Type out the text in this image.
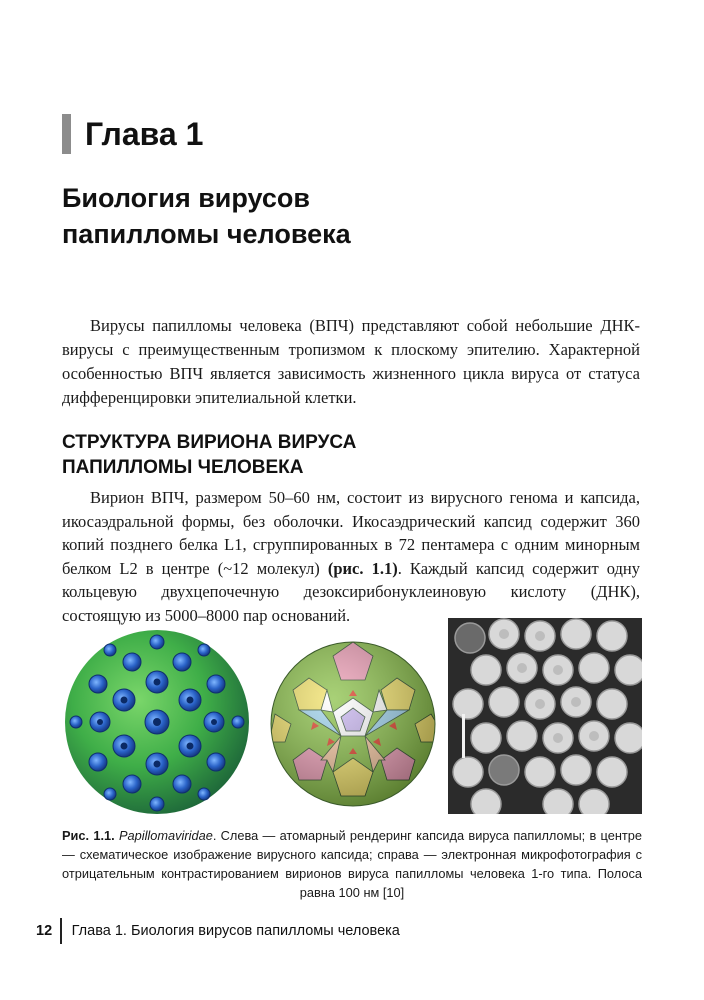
Глава 1
Биология вирусов
папилломы человека

Вирусы папилломы человека (ВПЧ) представляют собой небольшие ДНК-вирусы с преимущественным тропизмом к плоскому эпителию. Характерной особенностью ВПЧ является зависимость жизненного цикла вируса от статуса дифференцировки эпителиальной клетки.

СТРУКТУРА ВИРИОНА ВИРУСА
ПАПИЛЛОМЫ ЧЕЛОВЕКА

Вирион ВПЧ, размером 50–60 нм, состоит из вирусного генома и капсида, икосаэдральной формы, без оболочки. Икосаэдрический капсид содержит 360 копий позднего белка L1, сгруппированных в 72 пентамера с одним минорным белком L2 в центре (~12 молекул) (рис. 1.1). Каждый капсид содержит одну кольцевую двухцепочечную дезоксирибонуклеиновую кислоту (ДНК), состоящую из 5000–8000 пар оснований.

Рис. 1.1. Papillomaviridae. Слева — атомарный рендеринг капсида вируса папилломы; в центре — схематическое изображение вирусного капсида; справа — электронная микрофотография с отрицательным контрастированием вирионов вируса папилломы человека 1-го типа. Полоса равна 100 нм [10]

12 Глава 1. Биология вирусов папилломы человека
